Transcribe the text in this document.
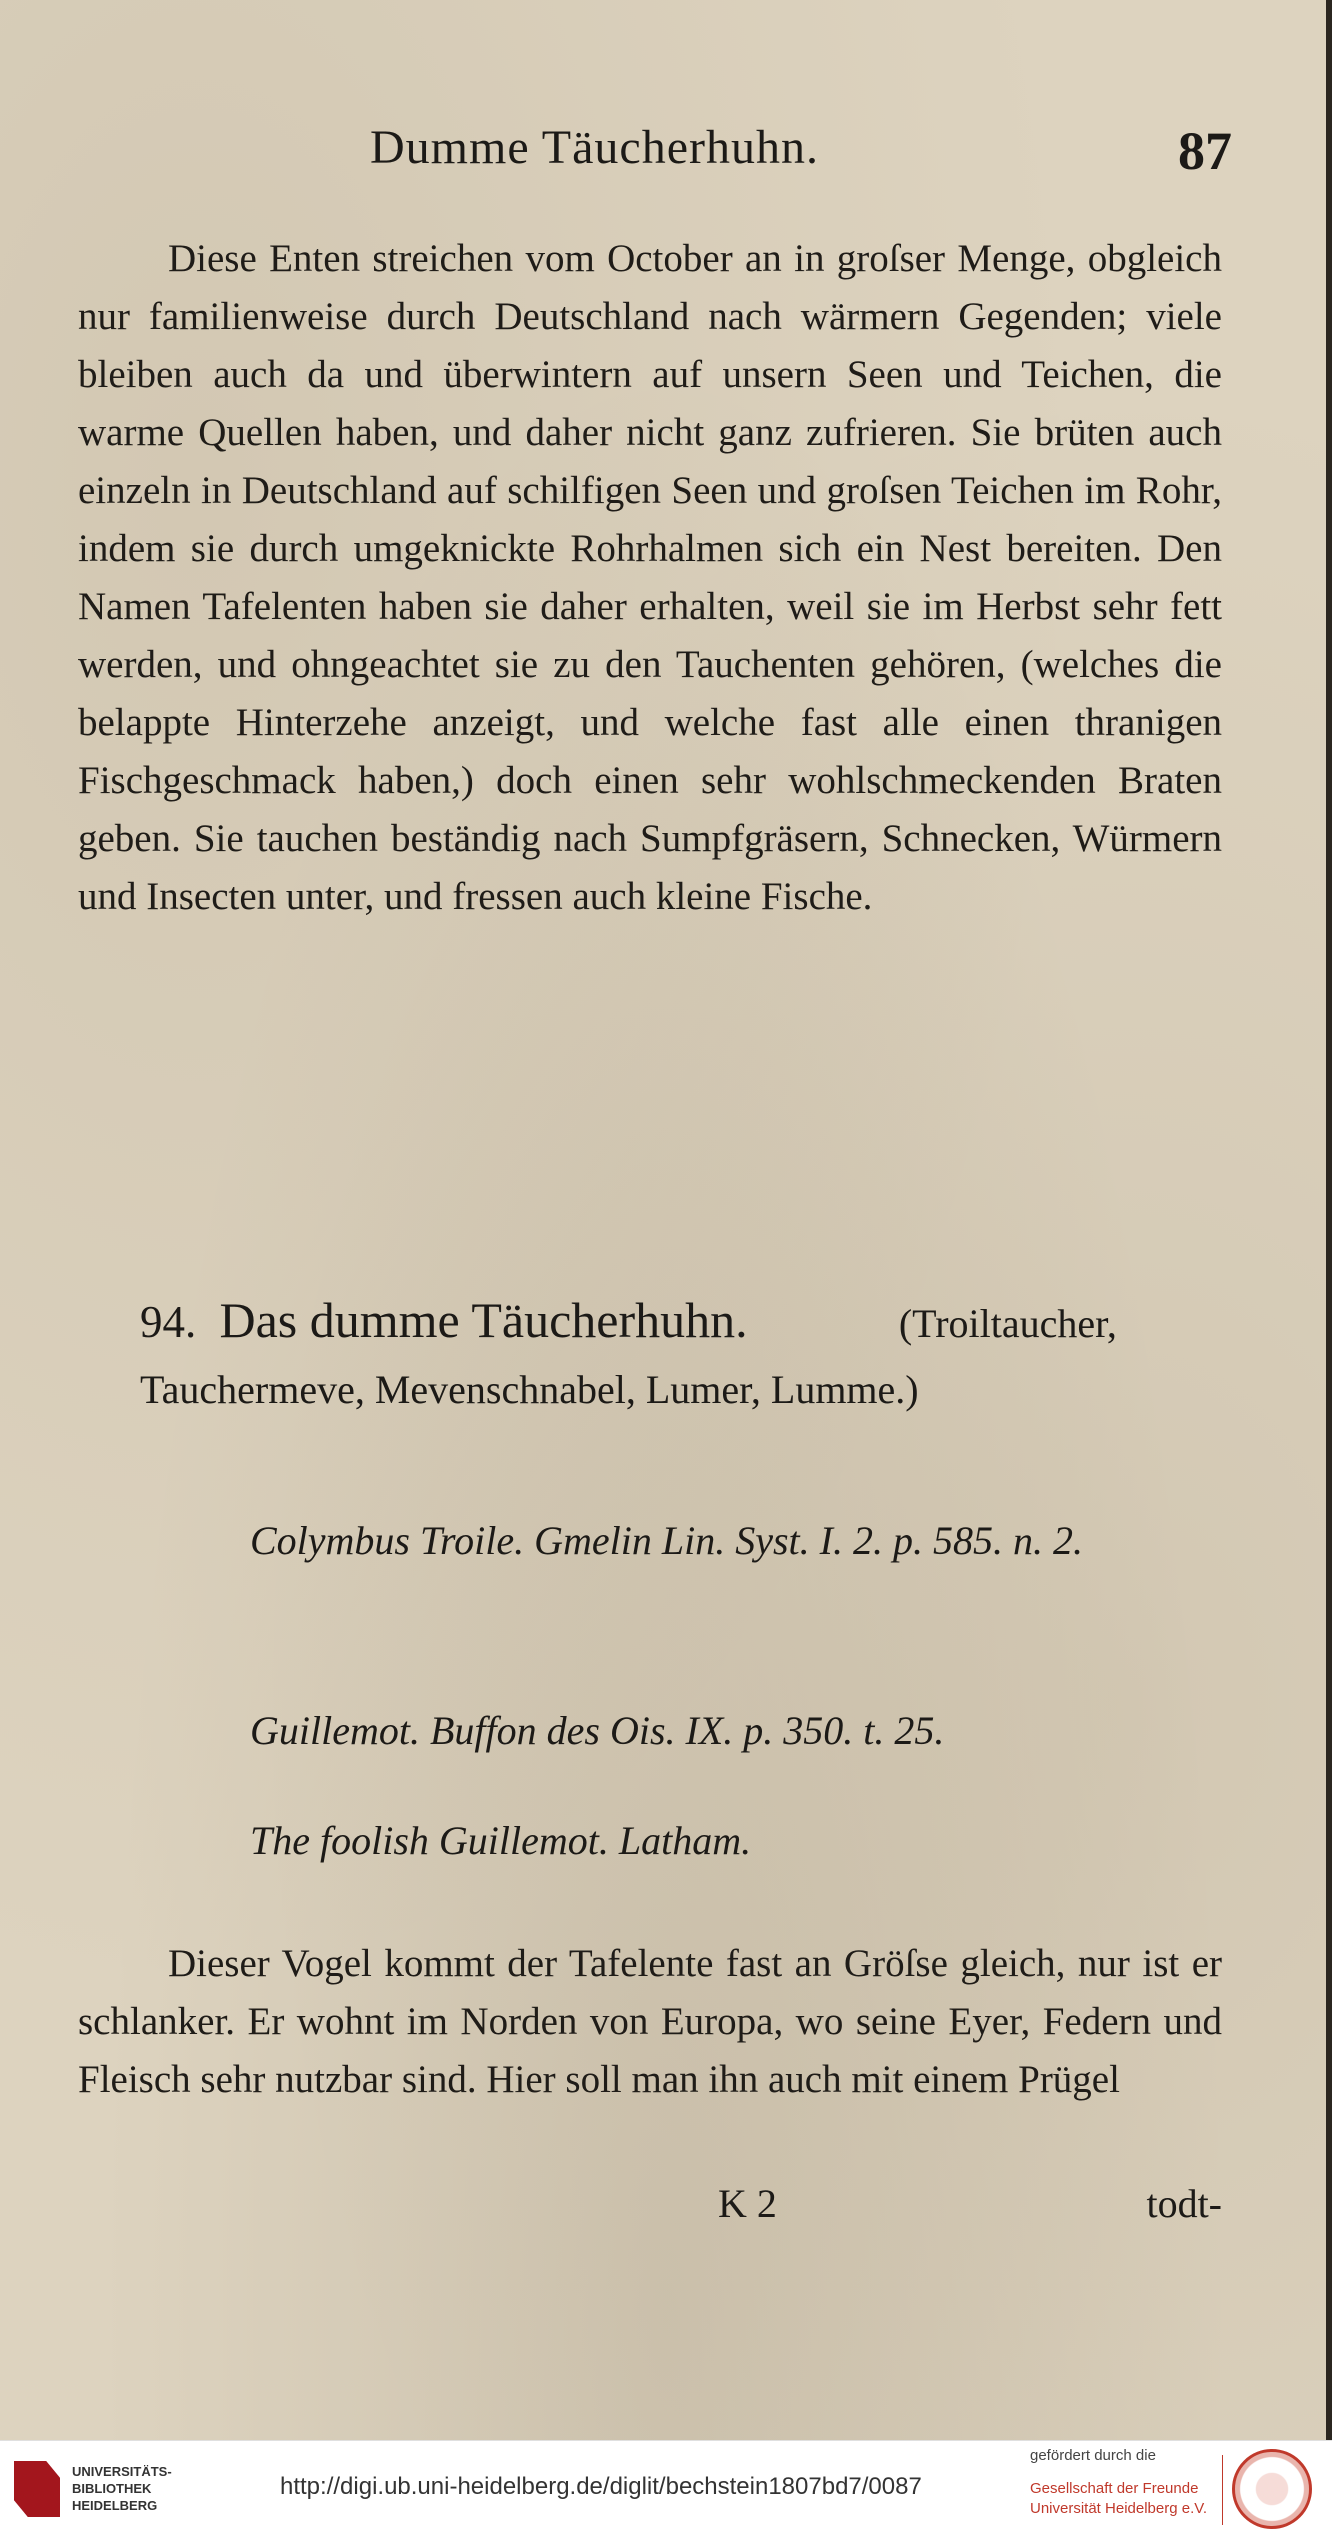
Dumme Täucherhuhn.	87

Diese Enten streichen vom October an in groſser Menge, obgleich nur familienweise durch Deutschland nach wärmern Gegenden; viele bleiben auch da und überwintern auf unsern Seen und Teichen, die warme Quellen haben, und daher nicht ganz zufrieren. Sie brüten auch einzeln in Deutschland auf schilfigen Seen und groſsen Teichen im Rohr, indem sie durch umgeknickte Rohrhalmen sich ein Nest bereiten. Den Namen Tafelenten haben sie daher erhalten, weil sie im Herbst sehr fett werden, und ohngeachtet sie zu den Tauchenten gehören, (welches die belappte Hinterzehe anzeigt, und welche fast alle einen thranigen Fischgeschmack haben,) doch einen sehr wohlschmeckenden Braten geben. Sie tauchen beständig nach Sumpfgräsern, Schnecken, Würmern und Insecten unter, und fressen auch kleine Fische.

94. Das dumme Täucherhuhn.	(Troiltaucher, Tauchermeve, Mevenschnabel, Lumer, Lumme.)
Colymbus Troile. Gmelin Lin. Syst. I. 2. p. 585. n. 2.
Guillemot. Buffon des Ois. IX. p. 350. t. 25.
The foolish Guillemot. Latham.

Dieser Vogel kommt der Tafelente fast an Gröſse gleich, nur ist er schlanker. Er wohnt im Norden von Europa, wo seine Eyer, Federn und Fleisch sehr nutzbar sind. Hier soll man ihn auch mit einem Prügel

K 2	todt-
UNIVERSITÄTS-BIBLIOTHEK HEIDELBERG
http://digi.ub.uni-heidelberg.de/diglit/bechstein1807bd7/0087
gefördert durch die
Gesellschaft der Freunde Universität Heidelberg e.V.
